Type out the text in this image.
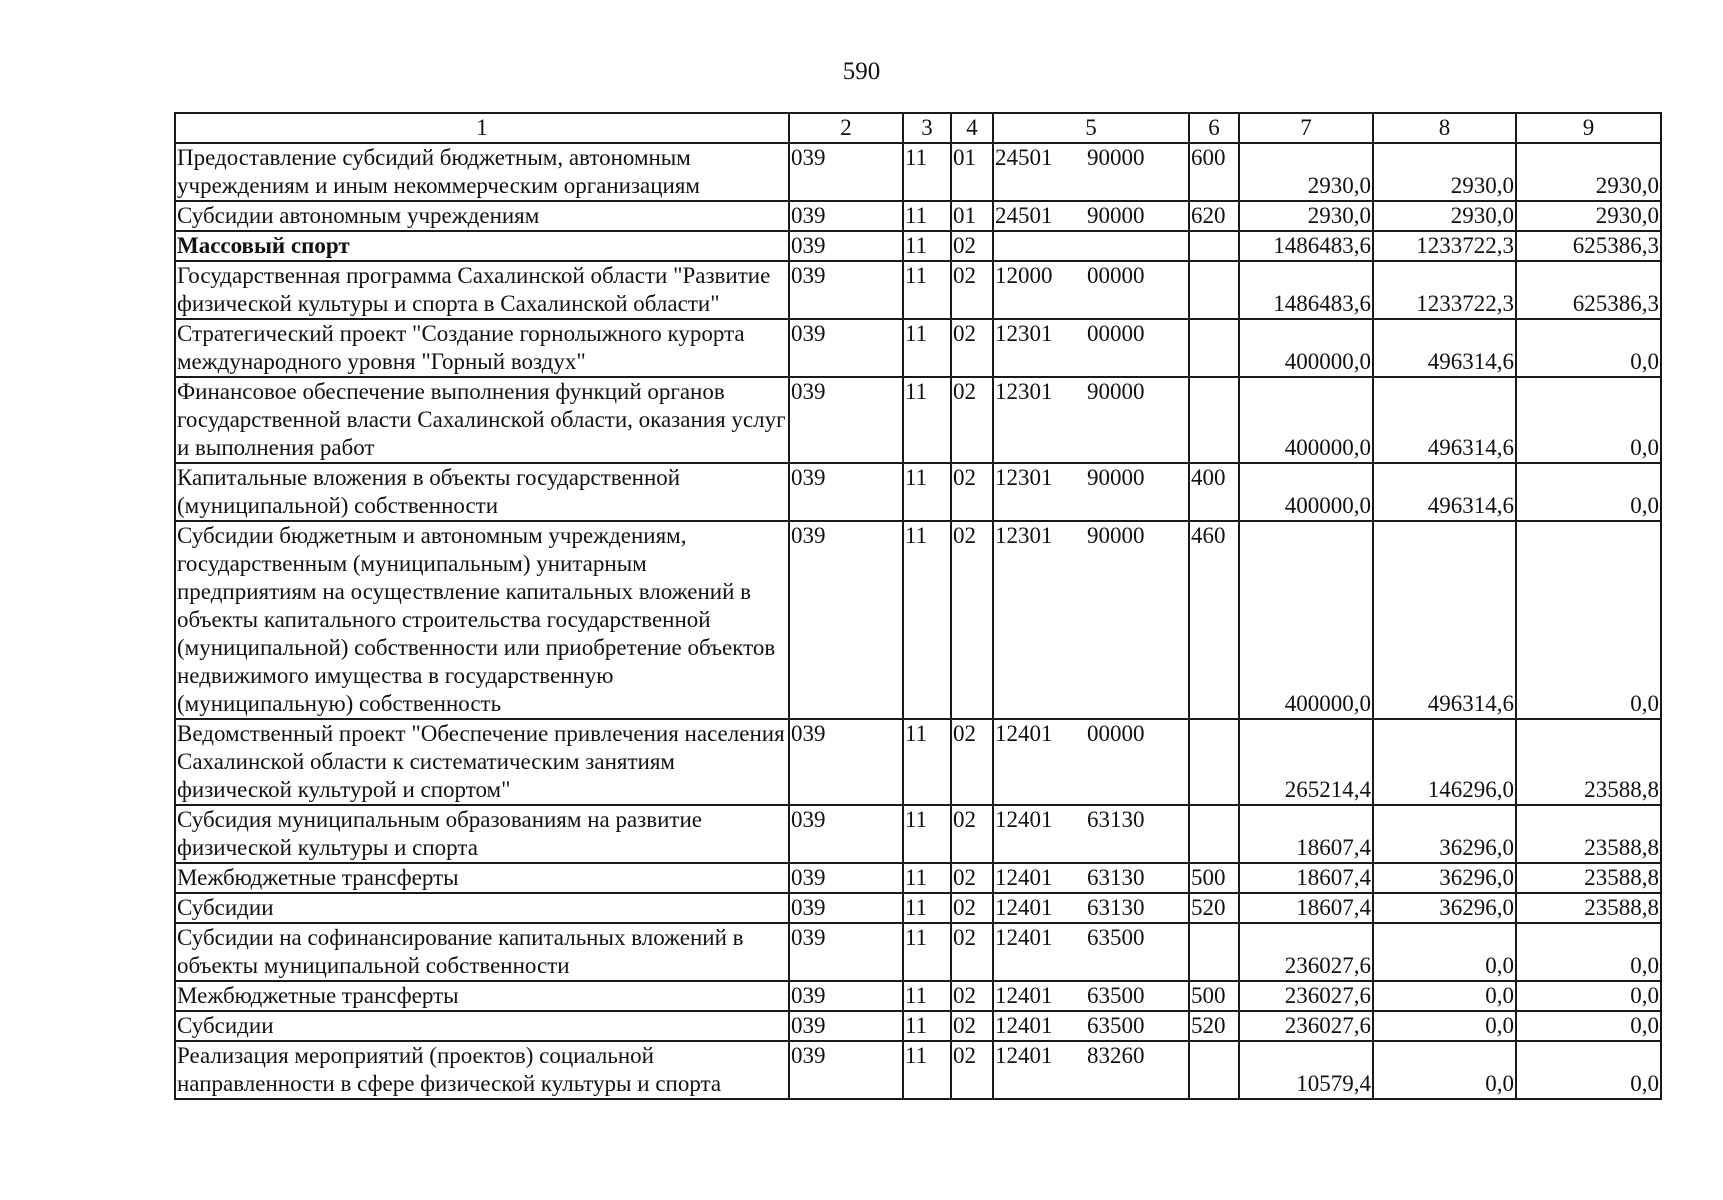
590
1	2	3	4	5	6	7	8	9
Предоставление субсидий бюджетным, автономным учреждениям и иным некоммерческим организациям	039	11	01	24501 90000	600	2930,0	2930,0	2930,0
Субсидии автономным учреждениям	039	11	01	24501 90000	620	2930,0	2930,0	2930,0
Массовый спорт	039	11	02			1486483,6	1233722,3	625386,3
Государственная программа Сахалинской области "Развитие физической культуры и спорта в Сахалинской области"	039	11	02	12000 00000		1486483,6	1233722,3	625386,3
Стратегический проект "Создание горнолыжного курорта международного уровня "Горный воздух"	039	11	02	12301 00000		400000,0	496314,6	0,0
Финансовое обеспечение выполнения функций органов государственной власти Сахалинской области, оказания услуг и выполнения работ	039	11	02	12301 90000		400000,0	496314,6	0,0
Капитальные вложения в объекты государственной (муниципальной) собственности	039	11	02	12301 90000	400	400000,0	496314,6	0,0
Субсидии бюджетным и автономным учреждениям, государственным (муниципальным) унитарным предприятиям на осуществление капитальных вложений в объекты капитального строительства государственной (муниципальной) собственности или приобретение объектов недвижимого имущества в государственную (муниципальную) собственность	039	11	02	12301 90000	460	400000,0	496314,6	0,0
Ведомственный проект "Обеспечение привлечения населения Сахалинской области к систематическим занятиям физической культурой и спортом"	039	11	02	12401 00000		265214,4	146296,0	23588,8
Субсидия муниципальным образованиям на развитие физической культуры и спорта	039	11	02	12401 63130		18607,4	36296,0	23588,8
Межбюджетные трансферты	039	11	02	12401 63130	500	18607,4	36296,0	23588,8
Субсидии	039	11	02	12401 63130	520	18607,4	36296,0	23588,8
Субсидии на софинансирование капитальных вложений в объекты муниципальной собственности	039	11	02	12401 63500		236027,6	0,0	0,0
Межбюджетные трансферты	039	11	02	12401 63500	500	236027,6	0,0	0,0
Субсидии	039	11	02	12401 63500	520	236027,6	0,0	0,0
Реализация мероприятий (проектов) социальной направленности в сфере физической культуры и спорта	039	11	02	12401 83260		10579,4	0,0	0,0
